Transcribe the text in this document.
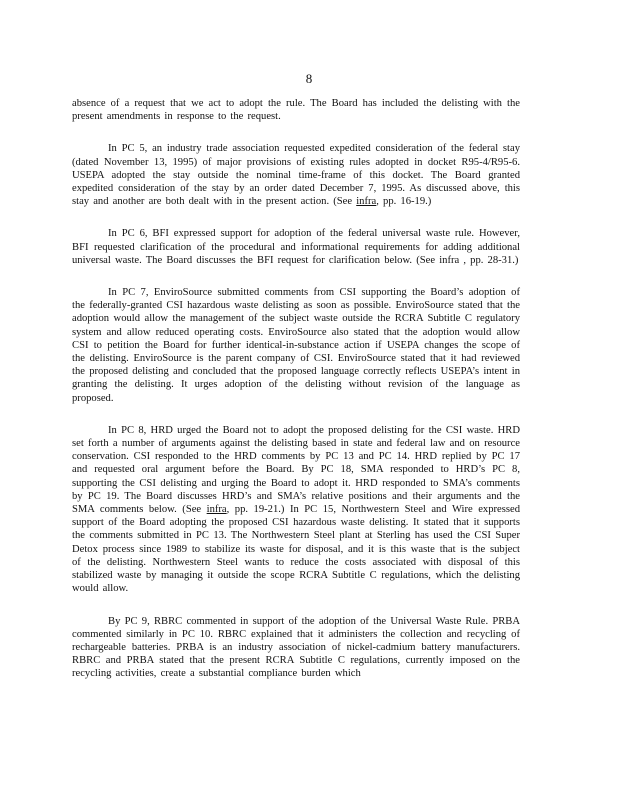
8

absence of a request that we act to adopt the rule. The Board has included the delisting with the present amendments in response to the request.

In PC 5, an industry trade association requested expedited consideration of the federal stay (dated November 13, 1995) of major provisions of existing rules adopted in docket R95-4/R95-6. USEPA adopted the stay outside the nominal time-frame of this docket. The Board granted expedited consideration of the stay by an order dated December 7, 1995. As discussed above, this stay and another are both dealt with in the present action. (See infra, pp. 16-19.)

In PC 6, BFI expressed support for adoption of the federal universal waste rule. However, BFI requested clarification of the procedural and informational requirements for adding additional universal waste. The Board discusses the BFI request for clarification below. (See infra , pp. 28-31.)

In PC 7, EnviroSource submitted comments from CSI supporting the Board’s adoption of the federally-granted CSI hazardous waste delisting as soon as possible. EnviroSource stated that the adoption would allow the management of the subject waste outside the RCRA Subtitle C regulatory system and allow reduced operating costs. EnviroSource also stated that the adoption would allow CSI to petition the Board for further identical-in-substance action if USEPA changes the scope of the delisting. EnviroSource is the parent company of CSI. EnviroSource stated that it had reviewed the proposed delisting and concluded that the proposed language correctly reflects USEPA’s intent in granting the delisting. It urges adoption of the delisting without revision of the language as proposed.

In PC 8, HRD urged the Board not to adopt the proposed delisting for the CSI waste. HRD set forth a number of arguments against the delisting based in state and federal law and on resource conservation. CSI responded to the HRD comments by PC 13 and PC 14. HRD replied by PC 17 and requested oral argument before the Board. By PC 18, SMA responded to HRD’s PC 8, supporting the CSI delisting and urging the Board to adopt it. HRD responded to SMA’s comments by PC 19. The Board discusses HRD’s and SMA’s relative positions and their arguments and the SMA comments below. (See infra, pp. 19-21.) In PC 15, Northwestern Steel and Wire expressed support of the Board adopting the proposed CSI hazardous waste delisting. It stated that it supports the comments submitted in PC 13. The Northwestern Steel plant at Sterling has used the CSI Super Detox process since 1989 to stabilize its waste for disposal, and it is this waste that is the subject of the delisting. Northwestern Steel wants to reduce the costs associated with disposal of this stabilized waste by managing it outside the scope RCRA Subtitle C regulations, which the delisting would allow.

By PC 9, RBRC commented in support of the adoption of the Universal Waste Rule. PRBA commented similarly in PC 10. RBRC explained that it administers the collection and recycling of rechargeable batteries. PRBA is an industry association of nickel-cadmium battery manufacturers. RBRC and PRBA stated that the present RCRA Subtitle C regulations, currently imposed on the recycling activities, create a substantial compliance burden which
